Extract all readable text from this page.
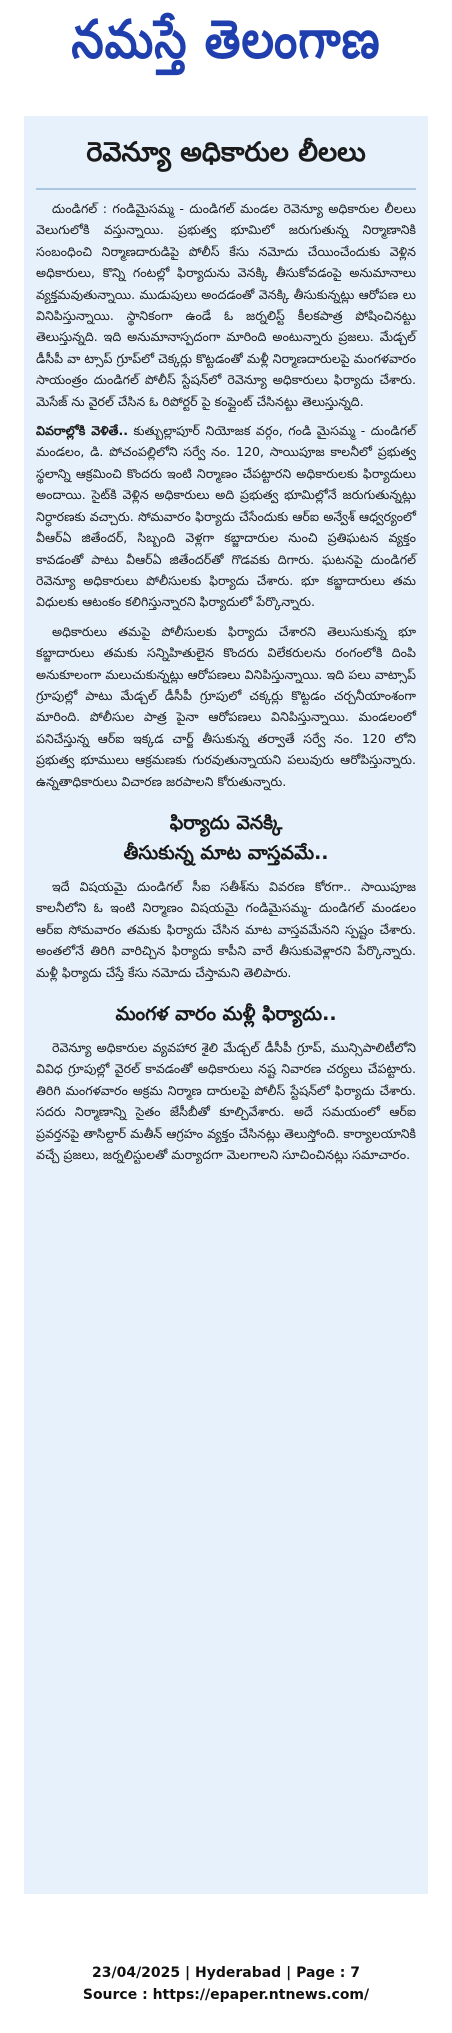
నమస్తే తెలంగాణ
రెవెన్యూ అధికారుల లీలలు

దుండిగల్ : గండిమైసమ్మ - దుండిగల్ మండల రెవెన్యూ అధికారుల లీలలు వెలుగులోకి వస్తున్నాయి. ప్రభుత్వ భూమిలో జరుగుతున్న నిర్మాణానికి సంబంధించి నిర్మాణదారుడిపై పోలీస్ కేసు నమోదు చేయించేందుకు వెళ్లిన అధికారులు, కొన్ని గంటల్లో ఫిర్యాదును వెనక్కి తీసుకోవడంపై అనుమానాలు వ్యక్తమవుతున్నాయి. ముడుపులు అందడంతో వెనక్కి తీసుకున్నట్లు ఆరోపణ లు వినిపిస్తున్నాయి. స్థానికంగా ఉండే ఓ జర్నలిస్ట్ కీలకపాత్ర పోషించినట్టు తెలుస్తున్నది. ఇది అనుమానాస్పదంగా మారింది అంటున్నారు ప్రజలు. మేడ్చల్ డీసీపీ వా ట్సాప్ గ్రూప్‌లో చెక్కర్లు కొట్టడంతో మళ్లీ నిర్మాణదారులపై మంగళవారం సాయంత్రం దుండిగల్ పోలీస్ స్టేషన్‌లో రెవెన్యూ అధికారులు ఫిర్యాదు చేశారు. మెసేజ్ ను వైరల్ చేసిన ఓ రిపోర్టర్ పై కంప్లైంట్ చేసినట్టు తెలుస్తున్నది.

వివరాల్లోకి వెళితే.. కుత్బుల్లాపూర్ నియోజక వర్గం, గండి మైసమ్మ - దుండిగల్ మండలం, డి. పోచంపల్లిలోని సర్వే నం. 120, సాయిపూజ కాలనీలో ప్రభుత్వ స్థలాన్ని ఆక్రమించి కొందరు ఇంటి నిర్మాణం చేపట్టారని అధికారులకు ఫిర్యాదులు అందాయి. సైట్‌కి వెళ్లిన అధికారులు అది ప్రభుత్వ భూమిల్లోనే జరుగుతున్నట్లు నిర్ధారణకు వచ్చారు. సోమవారం ఫిర్యాదు చేసేందుకు ఆర్ఐ అన్వేశ్ ఆధ్వర్యంలో వీఆర్ఏ జితేందర్, సిబ్బంది వెళ్లగా కబ్జాదారుల నుంచి ప్రతిఘటన వ్యక్తం కావడంతో పాటు వీఆర్ఏ జితేందర్‌తో గొడవకు దిగారు. ఘటనపై దుండిగల్ రెవెన్యూ అధికారులు పోలీసులకు ఫిర్యాదు చేశారు. భూ కబ్జాదారులు తమ విధులకు ఆటంకం కలిగిస్తున్నారని ఫిర్యాదులో పేర్కొన్నారు.

అధికారులు తమపై పోలీసులకు ఫిర్యాదు చేశారని తెలుసుకున్న భూ కబ్జాదారులు తమకు సన్నిహితులైన కొందరు విలేకరులను రంగంలోకి దింపి అనుకూలంగా మలుచుకున్నట్లు ఆరోపణలు వినిపిస్తున్నాయి. ఇది పలు వాట్సాప్ గ్రూపుల్లో పాటు మేడ్చల్ డీసీపీ గ్రూపులో చక్కర్లు కొట్టడం చర్చనీయాంశంగా మారింది. పోలీసుల పాత్ర పైనా ఆరోపణలు వినిపిస్తున్నాయి. మండలంలో పనిచేస్తున్న ఆర్ఐ ఇక్కడ చార్జ్ తీసుకున్న తర్వాతే సర్వే నం. 120 లోని ప్రభుత్వ భూములు ఆక్రమణకు గురవుతున్నాయని పలువురు ఆరోపిస్తున్నారు. ఉన్నతాధికారులు విచారణ జరపాలని కోరుతున్నారు.

ఫిర్యాదు వెనక్కి
తీసుకున్న మాట వాస్తవమే..

ఇదే విషయమై దుండిగల్ సీఐ సతీశ్‌ను వివరణ కోరగా.. సాయిపూజ కాలనీలోని ఓ ఇంటి నిర్మాణం విషయమై గండిమైసమ్మ- దుండిగల్ మండలం ఆర్ఐ సోమవారం తమకు ఫిర్యాదు చేసిన మాట వాస్తవమేనని స్పష్టం చేశారు. అంతలోనే తిరిగి వారిచ్చిన ఫిర్యాదు కాపీని వారే తీసుకువెళ్లారని పేర్కొన్నారు. మళ్లీ ఫిర్యాదు చేస్తే కేసు నమోదు చేస్తామని తెలిపారు.

మంగళ వారం మళ్లీ ఫిర్యాదు..

రెవెన్యూ అధికారుల వ్యవహార శైలి మేడ్చల్ డీసీపీ గ్రూప్, మున్సిపాలిటీలోని వివిధ గ్రూపుల్లో వైరల్ కావడంతో అధికారులు నష్ట నివారణ చర్యలు చేపట్టారు. తిరిగి మంగళవారం అక్రమ నిర్మాణ దారులపై పోలీస్ స్టేషన్‌లో ఫిర్యాదు చేశారు. సదరు నిర్మాణాన్ని సైతం జేసీబీతో కూల్చివేశారు. అదే సమయంలో ఆర్ఐ ప్రవర్తనపై తాసిల్దార్ మతీన్ ఆగ్రహం వ్యక్తం చేసినట్లు తెలుస్తోంది. కార్యాలయానికి వచ్చే ప్రజలు, జర్నలిస్టులతో మర్యాదగా మెలగాలని సూచించినట్లు సమాచారం.

23/04/2025 | Hyderabad | Page : 7
Source : https://epaper.ntnews.com/
